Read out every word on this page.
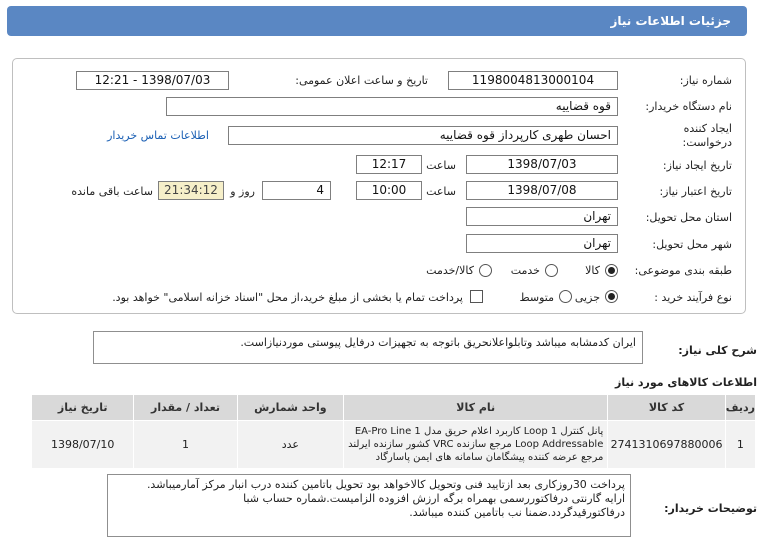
جزئیات اطلاعات نیاز
شماره نیاز:
1198004813000104
تاریخ و ساعت اعلان عمومی:
1398/07/03 - 12:21
نام دستگاه خریدار:
قوه قضاییه
ایجاد کننده
درخواست:
احسان طهری کارپرداز قوه قضاییه
اطلاعات تماس خریدار
تاریخ ایجاد نیاز:
1398/07/03
ساعت
12:17
تاریخ اعتبار نیاز:
1398/07/08
ساعت
10:00
4
روز و
21:34:12
ساعت باقی مانده
استان محل تحویل:
تهران
شهر محل تحویل:
تهران
طبقه بندی موضوعی:
کالا
خدمت
کالا/خدمت
نوع فرآیند خرید :
جزیی
متوسط
پرداخت تمام یا بخشی از مبلغ خرید،از محل "اسناد خزانه اسلامی" خواهد بود.
شرح کلی نیاز:
ایران کدمشابه میباشد وتابلواعلانحریق باتوجه به تجهیزات درفایل پیوستی موردنیازاست.
اطلاعات کالاهای مورد نیاز
ردیف	کد کالا	نام کالا	واحد شمارش	تعداد / مقدار	تاریخ نیاز
1	2741310697880006	پانل کنترل Loop 1 کاربرد اعلام حریق مدل EA-Pro Line 1
Loop Addressable مرجع سازنده VRC کشور سازنده ایرلند
مرجع عرضه کننده پیشگامان سامانه های ایمن پاسارگاد	عدد	1	1398/07/10
توضیحات خریدار:
پرداخت 30روزکاری بعد ازتایید فنی وتحویل کالاخواهد بود تحویل باتامین کننده درب انبار مرکز آمارمیباشد.
ارایه گارنتی درفاکتوررسمی بهمراه برگه ارزش افزوده الزامیست.شماره حساب شبا
درفاکتورقیدگردد.ضمنا نب باتامین کننده میباشد.
